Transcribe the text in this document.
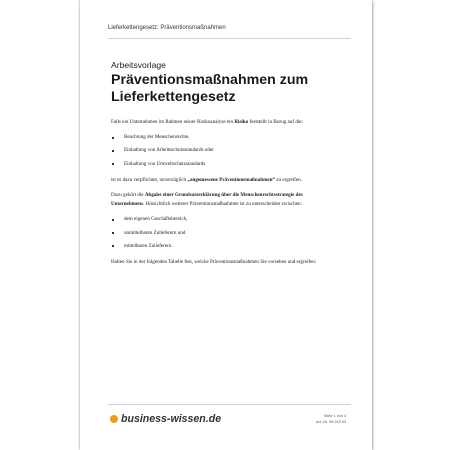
Lieferkettengesetz: Präventionsmaßnahmen
Arbeitsvorlage
Präventionsmaßnahmen zum Lieferkettengesetz

Falls ein Unternehmen im Rahmen seiner Risikoanalyse ein Risiko feststellt in Bezug auf die:

Beachtung der Menschenrechte,
Einhaltung von Arbeitsschutzstandards oder
Einhaltung von Umweltschutzstandards

ist es dazu verpflichtet, unverzüglich „angemessene Präventionsmaßnahmen“ zu ergreifen.

Dazu gehört die Abgabe einer Grundsatzerklärung über die Menschenrechtsstrategie des Unternehmens. Hinsichtlich weiterer Präventionsmaßnahmen ist zu unterscheiden zwischen:

dem eigenen Geschäftsbereich,
unmittelbaren Zulieferern und
mittelbaren Zulieferern.

Halten Sie in der folgenden Tabelle fest, welche Präventionsmaßnahmen Sie vorsehen und ergreifen:

business-wissen.de	Seite 1 von 4
Art.-Nr. 99.243.03
